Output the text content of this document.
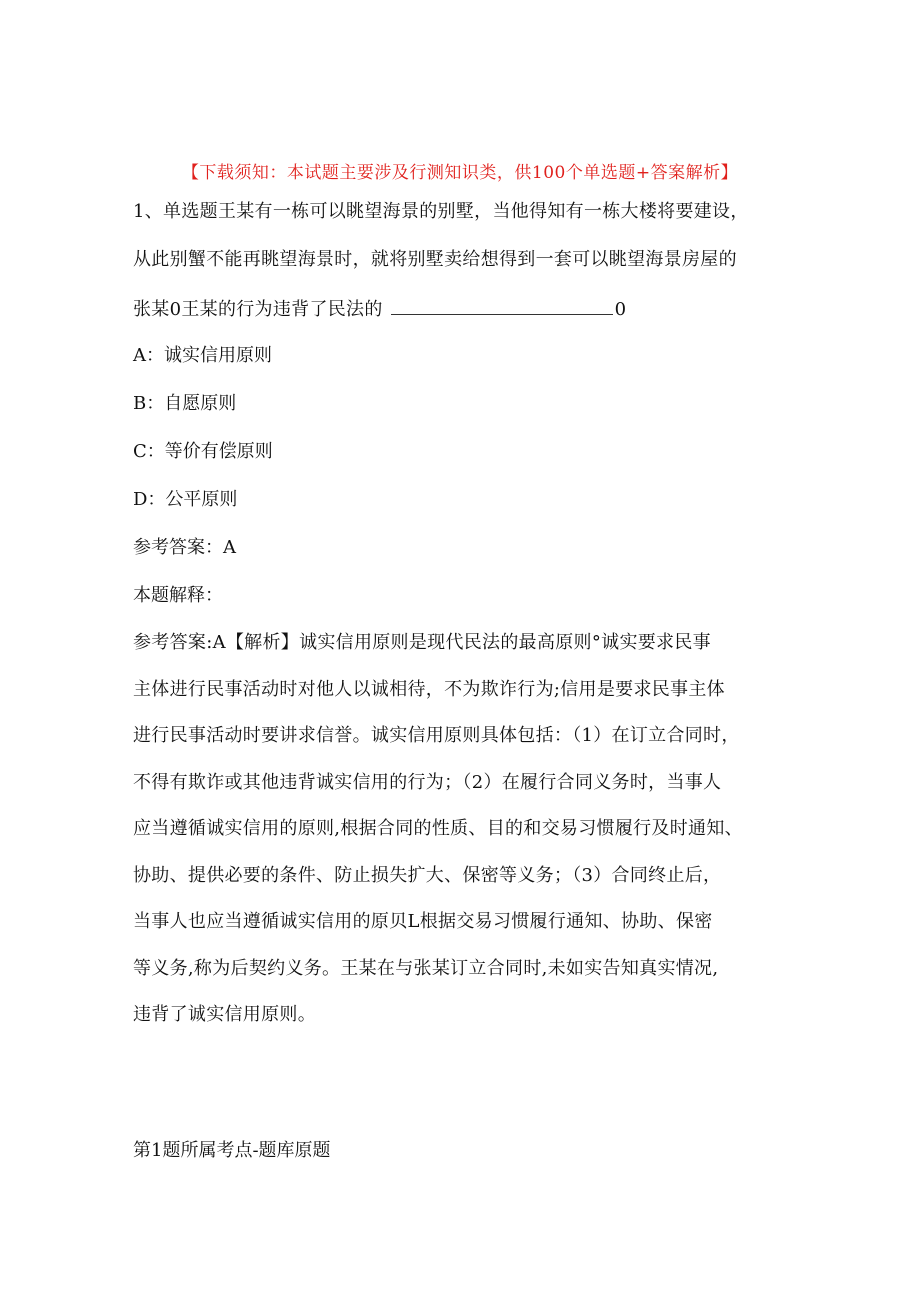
【下载须知：本试题主要涉及行测知识类，供100个单选题+答案解析】
1、单选题王某有一栋可以眺望海景的别墅，当他得知有一栋大楼将要建设，
从此别蟹不能再眺望海景时，就将别墅卖给想得到一套可以眺望海景房屋的
张某0王某的行为违背了民法的	0
A：诚实信用原则
B：自愿原则
C：等价有偿原则
D：公平原则
参考答案：A
本题解释：
参考答案:A【解析】诚实信用原则是现代民法的最高原则°诚实要求民事
主体进行民事活动时对他人以诚相待，不为欺诈行为;信用是要求民事主体
进行民事活动时要讲求信誉。诚实信用原则具体包括：（1）在订立合同时，
不得有欺诈或其他违背诚实信用的行为；（2）在履行合同义务时，当事人
应当遵循诚实信用的原则,根据合同的性质、目的和交易习惯履行及时通知、
协助、提供必要的条件、防止损失扩大、保密等义务；（3）合同终止后，
当事人也应当遵循诚实信用的原贝L根据交易习惯履行通知、协助、保密
等义务,称为后契约义务。王某在与张某订立合同时,未如实告知真实情况,
违背了诚实信用原则。
第1题所属考点-题库原题
